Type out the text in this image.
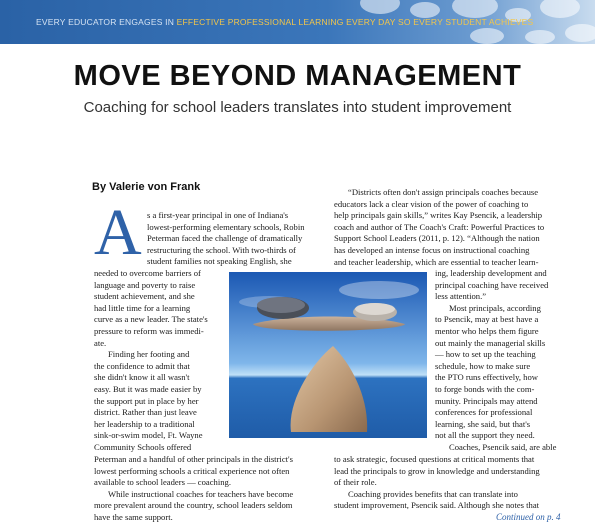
EVERY EDUCATOR ENGAGES IN EFFECTIVE PROFESSIONAL LEARNING EVERY DAY SO EVERY STUDENT ACHIEVES
MOVE BEYOND MANAGEMENT
Coaching for school leaders translates into student improvement
By Valerie von Frank
A s a first-year principal in one of Indiana's
lowest-performing elementary schools, Robin
Peterman faced the challenge of dramatically
restructuring the school. With two-thirds of
student families not speaking English, she
needed to overcome barriers of
language and poverty to raise
student achievement, and she
had little time for a learning
curve as a new leader. The state's
pressure to reform was immedi-
ate.
Finding her footing and
the confidence to admit that
she didn't know it all wasn't
easy. But it was made easier by
the support put in place by her
district. Rather than just leave
her leadership to a traditional
sink-or-swim model, Ft. Wayne
Community Schools offered
Peterman and a handful of other principals in the district's
lowest performing schools a critical experience not often
available to school leaders — coaching.
While instructional coaches for teachers have become
more prevalent around the country, school leaders seldom
have the same support.
“Districts often don't assign principals coaches because
educators lack a clear vision of the power of coaching to
help principals gain skills,” writes Kay Psencik, a leadership
coach and author of The Coach's Craft: Powerful Practices to
Support School Leaders (2011, p. 12). “Although the nation
has developed an intense focus on instructional coaching
and teacher leadership, which are essential to teacher learn-
ing, leadership development and
principal coaching have received
less attention.”
Most principals, according
to Psencik, may at best have a
mentor who helps them figure
out mainly the managerial skills
— how to set up the teaching
schedule, how to make sure
the PTO runs effectively, how
to forge bonds with the com-
munity. Principals may attend
conferences for professional
learning, she said, but that's
not all the support they need.
Coaches, Psencik said, are able
to ask strategic, focused questions at critical moments that
lead the principals to grow in knowledge and understanding
of their role.
Coaching provides benefits that can translate into
student improvement, Psencik said. Although she notes that
Continued on p. 4
